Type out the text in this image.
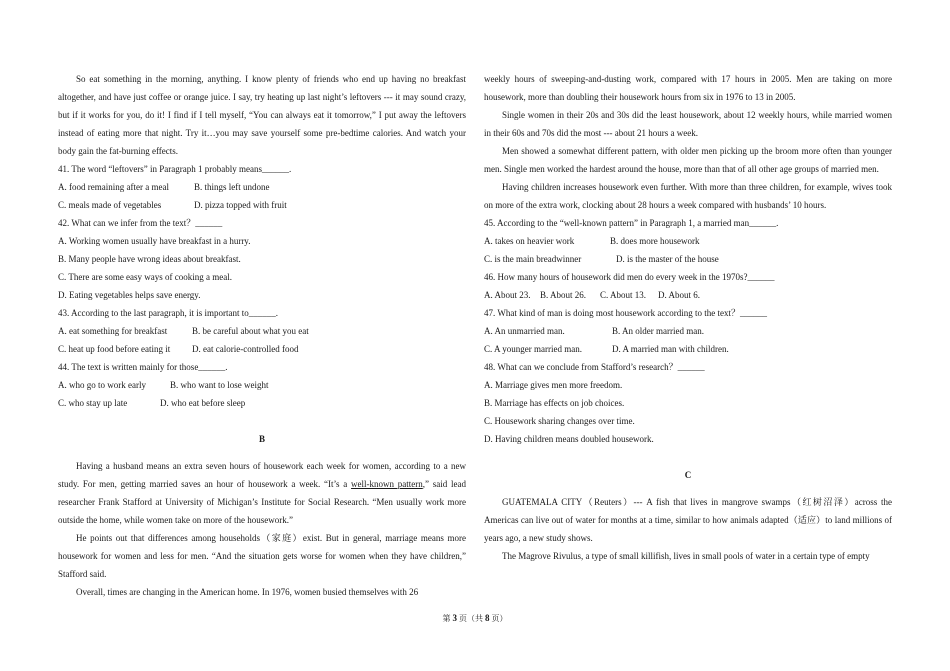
So eat something in the morning, anything. I know plenty of friends who end up having no breakfast altogether, and have just coffee or orange juice. I say, try heating up last night’s leftovers --- it may sound crazy, but if it works for you, do it! I find if I tell myself, “You can always eat it tomorrow,” I put away the leftovers instead of eating more that night. Try it…you may save yourself some pre-bedtime calories. And watch your body gain the fat-burning effects.

41. The word “leftovers” in Paragraph 1 probably means______.

A. food remaining after a meal	B. things left undone

C. meals made of vegetables	D. pizza topped with fruit

42. What can we infer from the text？______

A. Working women usually have breakfast in a hurry.

B. Many people have wrong ideas about breakfast.

C. There are some easy ways of cooking a meal.

D. Eating vegetables helps save energy.

43. According to the last paragraph, it is important to______.

A. eat something for breakfast	B. be careful about what you eat

C. heat up food before eating it D. eat calorie-controlled food

44. The text is written mainly for those______.

A. who go to work early	B. who want to lose weight

C. who stay up late	D. who eat before sleep

B

Having a husband means an extra seven hours of housework each week for women, according to a new study. For men, getting married saves an hour of housework a week. “It’s a well-known pattern,” said lead researcher Frank Stafford at University of Michigan’s Institute for Social Research. “Men usually work more outside the home, while women take on more of the housework.”

He points out that differences among households（家庭）exist. But in general, marriage means more housework for women and less for men. “And the situation gets worse for women when they have children,” Stafford said.

Overall, times are changing in the American home. In 1976, women busied themselves with 26

weekly hours of sweeping-and-dusting work, compared with 17 hours in 2005. Men are taking on more housework, more than doubling their housework hours from six in 1976 to 13 in 2005.

Single women in their 20s and 30s did the least housework, about 12 weekly hours, while married women in their 60s and 70s did the most --- about 21 hours a week.

Men showed a somewhat different pattern, with older men picking up the broom more often than younger men. Single men worked the hardest around the house, more than that of all other age groups of married men.

Having children increases housework even further. With more than three children, for example, wives took on more of the extra work, clocking about 28 hours a week compared with husbands’ 10 hours.

45. According to the “well-known pattern” in Paragraph 1, a married man______.

A. takes on heavier work	B. does more housework

C. is the main breadwinner	D. is the master of the house

46. How many hours of housework did men do every week in the 1970s?______

A. About 23. B. About 26. C. About 13. D. About 6.

47. What kind of man is doing most housework according to the text？______

A. An unmarried man.	B. An older married man.

C. A younger married man.	D. A married man with children.

48. What can we conclude from Stafford’s research？______

A. Marriage gives men more freedom.

B. Marriage has effects on job choices.

C. Housework sharing changes over time.

D. Having children means doubled housework.

C

GUATEMALA CITY（Reuters）--- A fish that lives in mangrove swamps（红树沼泽）across the Americas can live out of water for months at a time, similar to how animals adapted（适应）to land millions of years ago, a new study shows.

The Magrove Rivulus, a type of small killifish, lives in small pools of water in a certain type of empty

第 3 页（共 8 页）
